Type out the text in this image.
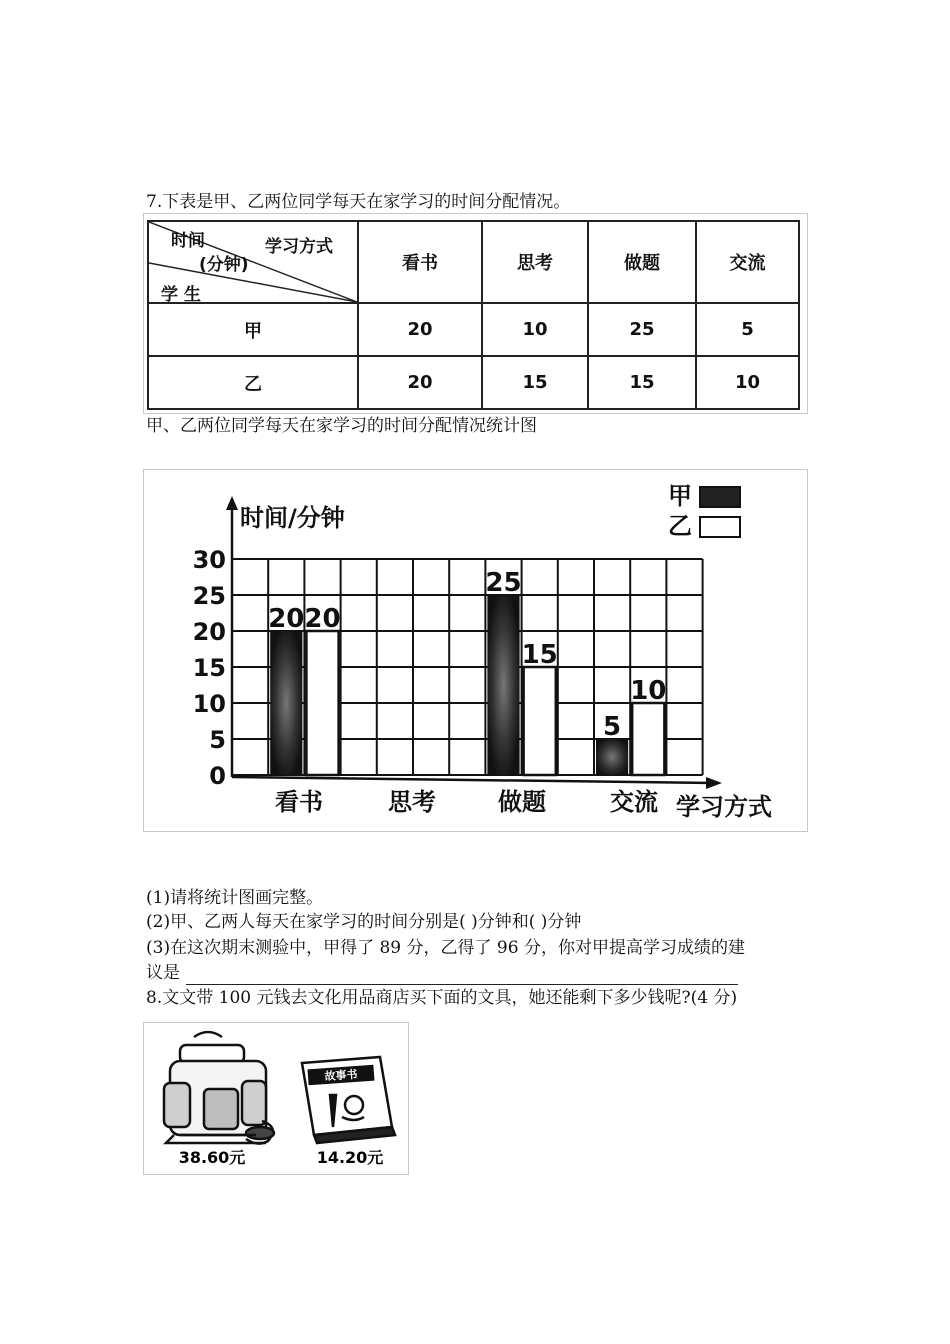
7.下表是甲、乙两位同学每天在家学习的时间分配情况。
学习方式
时间
(分钟)
学 生	看书	思考	做题	交流
甲	20	10	25	5
乙	20	15	15	10
甲、乙两位同学每天在家学习的时间分配情况统计图
30
25
20
15
10
5
0
时间/分钟
学习方式
看书	思考	做题	交流
20 20
25
15
5
10
甲
乙
(1)请将统计图画完整。
(2)甲、乙两人每天在家学习的时间分别是( )分钟和( )分钟
(3)在这次期末测验中，甲得了 89 分，乙得了 96 分，你对甲提高学习成绩的建
议是
8.文文带 100 元钱去文化用品商店买下面的文具，她还能剩下多少钱呢?(4 分)
故事书
38.60元	14.20元
